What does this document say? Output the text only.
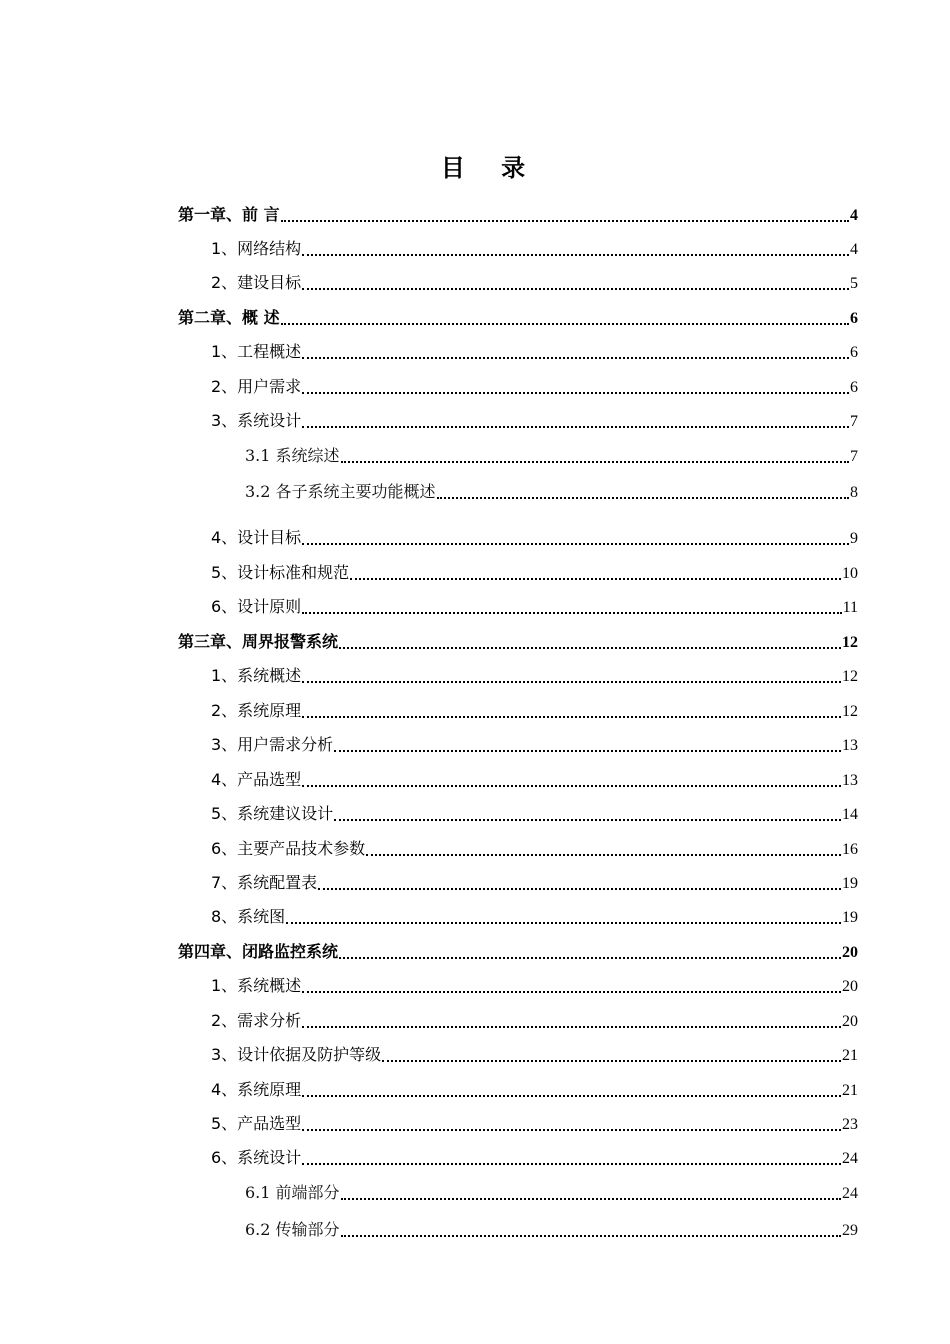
目 录
第一章、前 言	4
1、网络结构	4
2、建设目标	5
第二章、概 述	6
1、工程概述	6
2、用户需求	6
3、系统设计	7
3.1 系统综述	7
3.2 各子系统主要功能概述	8
4、设计目标	9
5、设计标准和规范	10
6、设计原则	11
第三章、周界报警系统	12
1、系统概述	12
2、系统原理	12
3、用户需求分析	13
4、产品选型	13
5、系统建议设计	14
6、主要产品技术参数	16
7、系统配置表	19
8、系统图	19
第四章、闭路监控系统	20
1、系统概述	20
2、需求分析	20
3、设计依据及防护等级	21
4、系统原理	21
5、产品选型	23
6、系统设计	24
6.1 前端部分	24
6.2 传输部分	29
